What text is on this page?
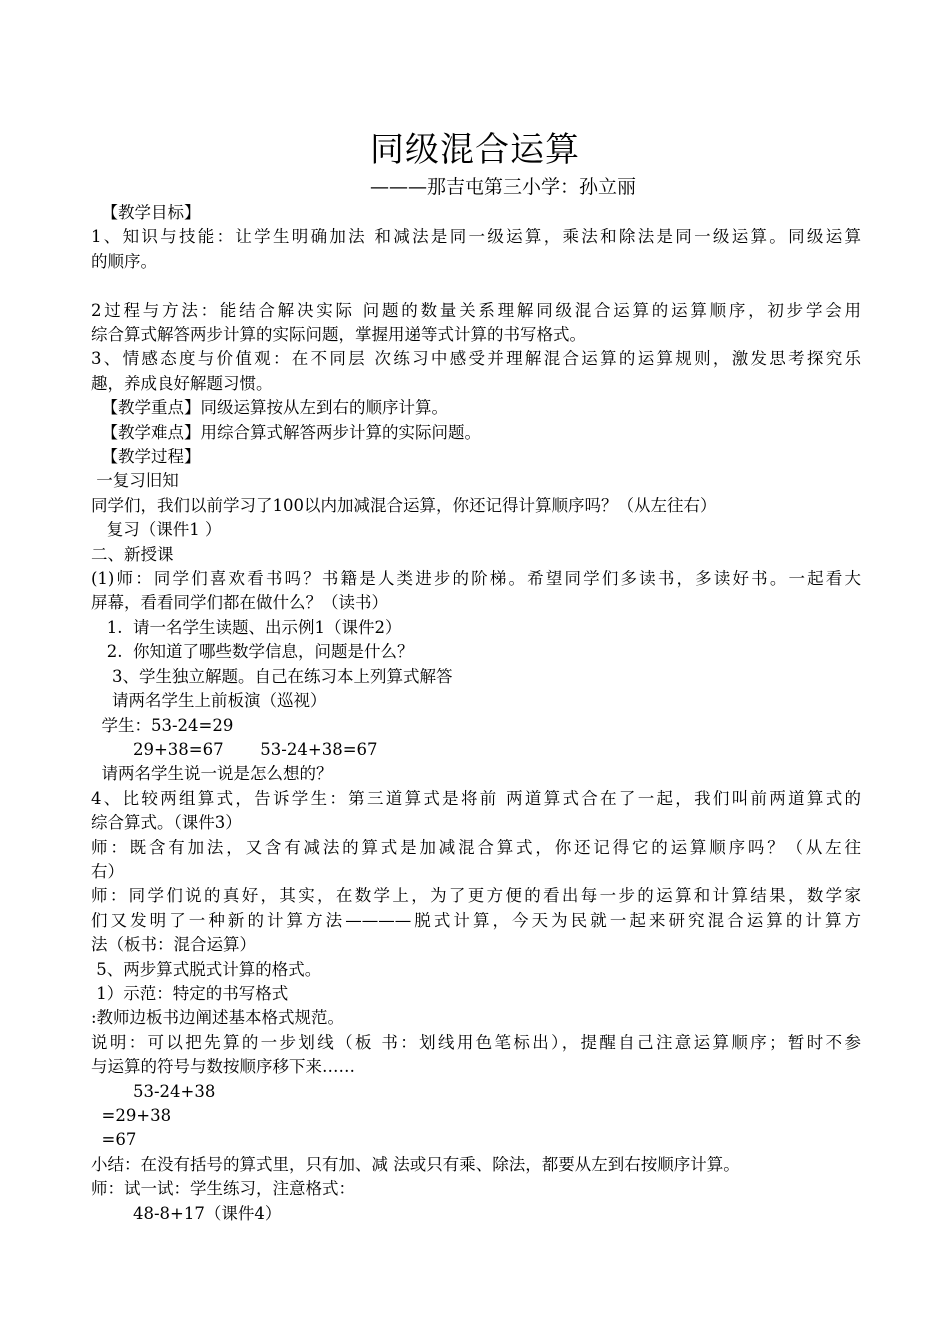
同级混合运算
———那吉屯第三小学：孙立丽
【教学目标】
1、知识与技能：让学生明确加法 和减法是同一级运算，乘法和除法是同一级运算。同级运算
的顺序。
2过程与方法：能结合解决实际 问题的数量关系理解同级混合运算的运算顺序，初步学会用
综合算式解答两步计算的实际问题，掌握用递等式计算的书写格式。
3、情感态度与价值观：在不同层 次练习中感受并理解混合运算的运算规则，激发思考探究乐
趣，养成良好解题习惯。
【教学重点】同级运算按从左到右的顺序计算。
【教学难点】用综合算式解答两步计算的实际问题。
【教学过程】
一复习旧知
同学们，我们以前学习了100以内加减混合运算，你还记得计算顺序吗？（从左往右）
复习（课件1 ）
二、新授课
(1)师：同学们喜欢看书吗？书籍是人类进步的阶梯。希望同学们多读书，多读好书。一起看大
屏幕，看看同学们都在做什么？（读书）
1.  请一名学生读题、出示例1（课件2）
2.  你知道了哪些数学信息，问题是什么？
3、学生独立解题。自己在练习本上列算式解答
请两名学生上前板演（巡视）
学生：53-24=29
29+38=67       53-24+38=67
请两名学生说一说是怎么想的？
4、比较两组算式，告诉学生：第三道算式是将前 两道算式合在了一起，我们叫前两道算式的
综合算式。（课件3）
师：既含有加法，又含有减法的算式是加减混合算式，你还记得它的运算顺序吗？（从左往
右）
师：同学们说的真好，其实，在数学上，为了更方便的看出每一步的运算和计算结果，数学家
们又发明了一种新的计算方法————脱式计算，今天为民就一起来研究混合运算的计算方
法（板书：混合运算）
5、两步算式脱式计算的格式。
1）示范：特定的书写格式
:教师边板书边阐述基本格式规范。
说明：可以把先算的一步划线（板 书：划线用色笔标出），提醒自己注意运算顺序；暂时不参
与运算的符号与数按顺序移下来……
53-24+38
=29+38
=67
小结：在没有括号的算式里，只有加、减 法或只有乘、除法，都要从左到右按顺序计算。
师：试一试：学生练习，注意格式：
48-8+17（课件4）
